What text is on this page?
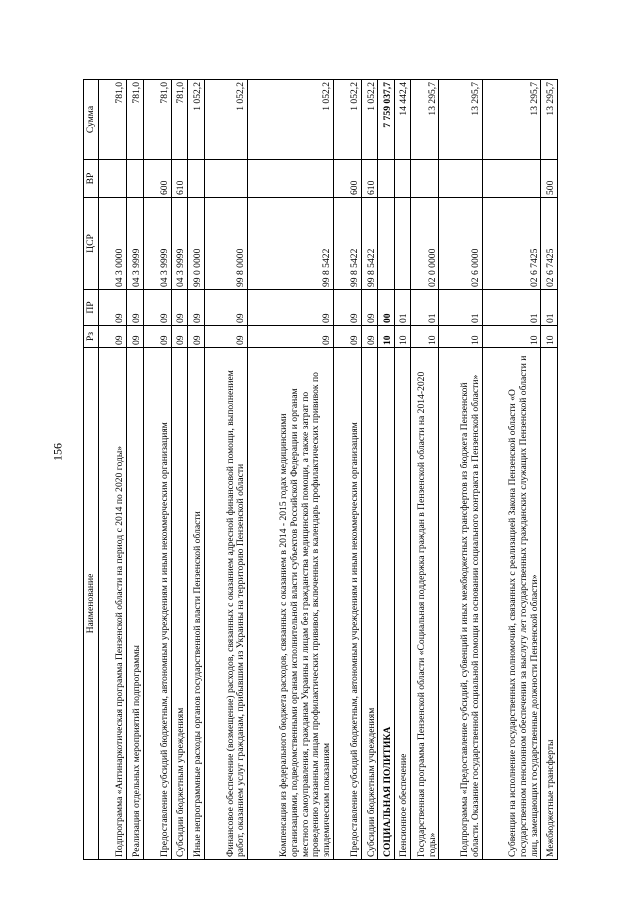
156
Наименование	Рз	ПР	ЦСР	ВР	Сумма
Подпрограмма «Антинаркотическая программа Пензенской области на период с 2014 по 2020 годы»	09	09	04 3 0000		781,0
Реализация отдельных мероприятий подпрограммы	09	09	04 3 9999		781,0
Предоставление субсидий бюджетным, автономным учреждениям и иным некоммерческим организациям	09	09	04 3 9999	600	781,0
Субсидии бюджетным учреждениям	09	09	04 3 9999	610	781,0
Иные непрограммные расходы органов государственной власти Пензенской области	09	09	99 0 0000		1 052,2
Финансовое обеспечение (возмещение) расходов, связанных с оказанием адресной финансовой помощи, выполнением работ, оказанием услуг гражданам, прибывшим из Украины на территорию Пензенской области	09	09	99 8 0000		1 052,2
Компенсация из федерального бюджета расходов, связанных с оказанием в 2014 - 2015 годах медицинскими организациями, подведомственными органам исполнительной власти субъектов Российской Федерации и органам местного самоуправления, гражданам Украины и лицам без гражданства медицинской помощи, а также затрат по проведению указанным лицам профилактических прививок, включенных в календарь профилактических прививок по эпидемическим показаниям	09	09	99 8 5422		1 052,2
Предоставление субсидий бюджетным, автономным учреждениям и иным некоммерческим организациям	09	09	99 8 5422	600	1 052,2
Субсидии бюджетным учреждениям	09	09	99 8 5422	610	1 052,2
СОЦИАЛЬНАЯ ПОЛИТИКА	10	00			7 759 037,7
Пенсионное обеспечение	10	01			14 442,4
Государственная программа Пензенской области «Социальная поддержка граждан в Пензенской области на 2014-2020 годы»	10	01	02 0 0000		13 295,7
Подпрограмма «Предоставление субсидий, субвенций и иных межбюджетных трансфертов из бюджета Пензенской области. Оказание государственной социальной помощи на основании социального контракта в Пензенской области»	10	01	02 6 0000		13 295,7
Субвенции на исполнение государственных полномочий, связанных с реализацией Закона Пензенской области «О государственном пенсионном обеспечении за выслугу лет государственных гражданских служащих Пензенской области и лиц, замещающих государственные должности Пензенской области»	10	01	02 6 7425		13 295,7
Межбюджетные трансферты	10	01	02 6 7425	500	13 295,7
